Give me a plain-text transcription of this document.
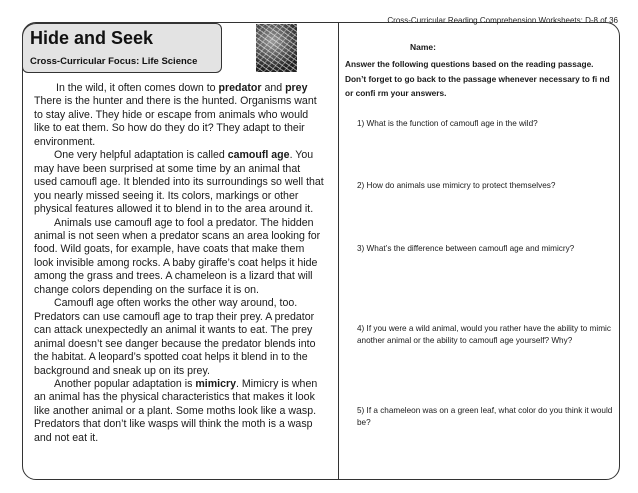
Cross-Curricular Reading Comprehension Worksheets: D-8 of 36
Hide and Seek
Cross-Curricular Focus: Life Science

In the wild, it often comes down to predator and prey There is the hunter and there is the hunted. Organisms want to stay alive. They hide or escape from animals who would like to eat them. So how do they do it? They adapt to their environment.

One very helpful adaptation is called camoufl age. You may have been surprised at some time by an animal that used camoufl age. It blended into its surroundings so well that you nearly missed seeing it. Its colors, markings or other physical features allowed it to blend in to the area around it.

Animals use camoufl age to fool a predator. The hidden animal is not seen when a predator scans an area looking for food. Wild goats, for example, have coats that make them look invisible among rocks. A baby giraffe’s coat helps it hide among the grass and trees. A chameleon is a lizard that will change colors depending on the surface it is on.

Camoufl age often works the other way around, too. Predators can use camoufl age to trap their prey. A predator can attack unexpectedly an animal it wants to eat. The prey animal doesn’t see danger because the predator blends into the habitat. A leopard’s spotted coat helps it blend in to the background and sneak up on its prey.

Another popular adaptation is mimicry. Mimicry is when an animal has the physical characteristics that makes it look like another animal or a plant. Some moths look like a wasp. Predators that don’t like wasps will think the moth is a wasp and not eat it.

Name:
Answer the following questions based on the reading passage. Don’t forget to go back to the passage whenever necessary to fi nd or confi rm your answers.
1) What is the function of camoufl age in the wild?
2) How do animals use mimicry to protect themselves?
3) What’s the difference between camoufl age and mimicry?
4) If you were a wild animal, would you rather have the ability to mimic another animal or the ability to camoufl age yourself? Why?
5) If a chameleon was on a green leaf, what color do you think it would be?
